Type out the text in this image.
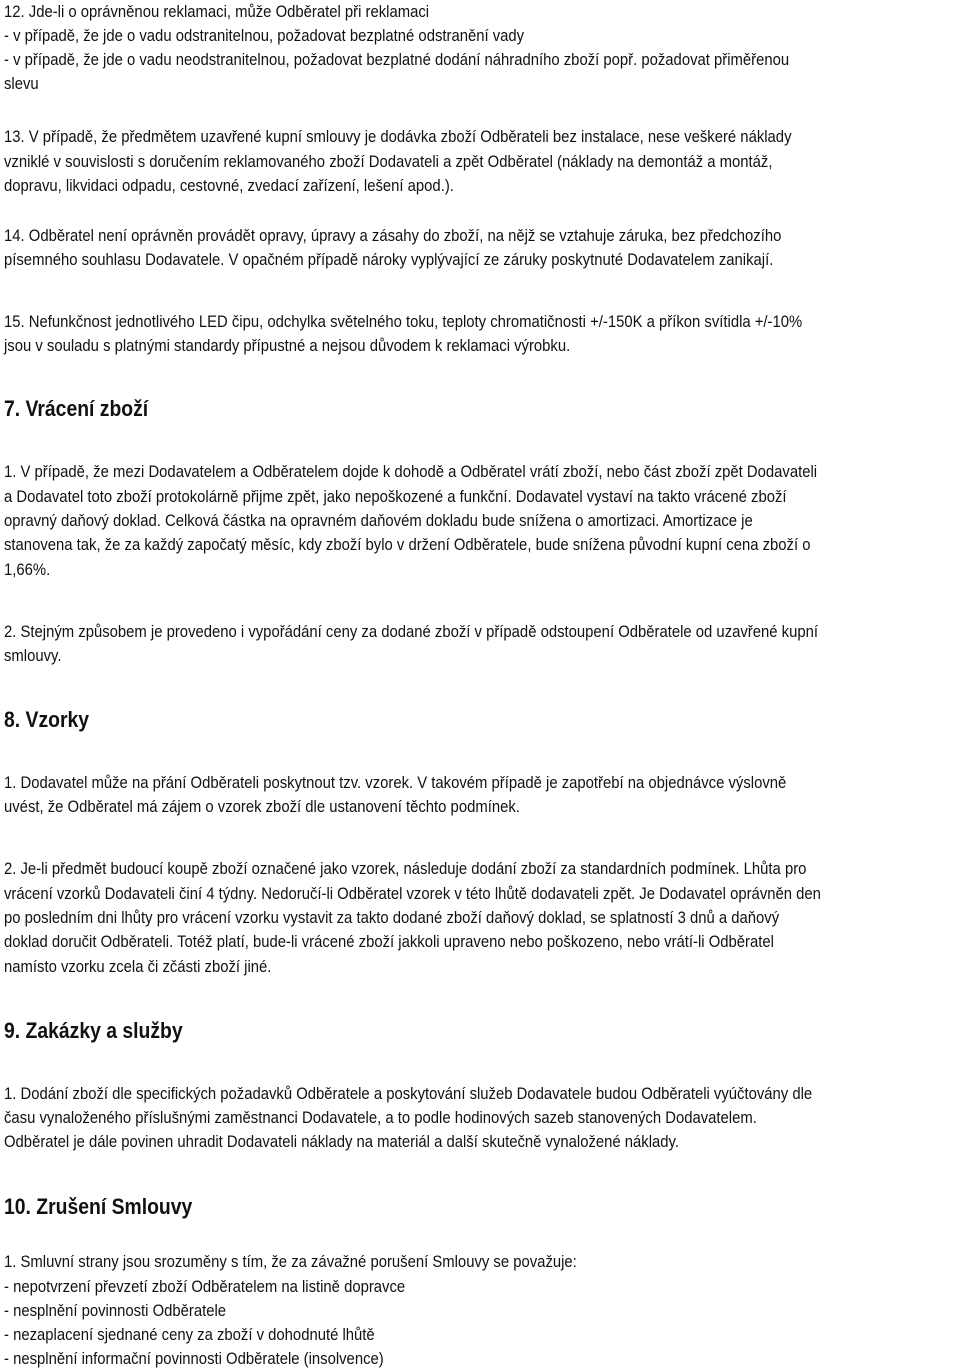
12. Jde-li o oprávněnou reklamaci, může Odběratel při reklamaci
- v případě, že jde o vadu odstranitelnou, požadovat bezplatné odstranění vady
- v případě, že jde o vadu neodstranitelnou, požadovat bezplatné dodání náhradního zboží popř. požadovat přiměřenou
slevu
13. V případě, že předmětem uzavřené kupní smlouvy je dodávka zboží Odběrateli bez instalace, nese veškeré náklady
vzniklé v souvislosti s doručením reklamovaného zboží Dodavateli a zpět Odběratel (náklady na demontáž a montáž,
dopravu, likvidaci odpadu, cestovné, zvedací zařízení, lešení apod.).
14. Odběratel není oprávněn provádět opravy, úpravy a zásahy do zboží, na nějž se vztahuje záruka, bez předchozího
písemného souhlasu Dodavatele. V opačném případě nároky vyplývající ze záruky poskytnuté Dodavatelem zanikají.
15. Nefunkčnost jednotlivého LED čipu, odchylka světelného toku, teploty chromatičnosti +/-150K a příkon svítidla +/-10%
jsou v souladu s platnými standardy přípustné a nejsou důvodem k reklamaci výrobku.
7. Vrácení zboží
1. V případě, že mezi Dodavatelem a Odběratelem dojde k dohodě a Odběratel vrátí zboží, nebo část zboží zpět Dodavateli
a Dodavatel toto zboží protokolárně přijme zpět, jako nepoškozené a funkční. Dodavatel vystaví na takto vrácené zboží
opravný daňový doklad. Celková částka na opravném daňovém dokladu bude snížena o amortizaci. Amortizace je
stanovena tak, že za každý započatý měsíc, kdy zboží bylo v držení Odběratele, bude snížena původní kupní cena zboží o
1,66%.
2. Stejným způsobem je provedeno i vypořádání ceny za dodané zboží v případě odstoupení Odběratele od uzavřené kupní
smlouvy.
8. Vzorky
1. Dodavatel může na přání Odběrateli poskytnout tzv. vzorek. V takovém případě je zapotřebí na objednávce výslovně
uvést, že Odběratel má zájem o vzorek zboží dle ustanovení těchto podmínek.
2. Je-li předmět budoucí koupě zboží označené jako vzorek, následuje dodání zboží za standardních podmínek. Lhůta pro
vrácení vzorků Dodavateli činí 4 týdny. Nedoručí-li Odběratel vzorek v této lhůtě dodavateli zpět. Je Dodavatel oprávněn den
po posledním dni lhůty pro vrácení vzorku vystavit za takto dodané zboží daňový doklad, se splatností 3 dnů a daňový
doklad doručit Odběrateli. Totéž platí, bude-li vrácené zboží jakkoli upraveno nebo poškozeno, nebo vrátí-li Odběratel
namísto vzorku zcela či zčásti zboží jiné.
9. Zakázky a služby
1. Dodání zboží dle specifických požadavků Odběratele a poskytování služeb Dodavatele budou Odběrateli vyúčtovány dle
času vynaloženého příslušnými zaměstnanci Dodavatele, a to podle hodinových sazeb stanovených Dodavatelem.
Odběratel je dále povinen uhradit Dodavateli náklady na materiál a další skutečně vynaložené náklady.
10. Zrušení Smlouvy
1. Smluvní strany jsou srozuměny s tím, že za závažné porušení Smlouvy se považuje:
- nepotvrzení převzetí zboží Odběratelem na listině dopravce
- nesplnění povinnosti Odběratele
- nezaplacení sjednané ceny za zboží v dohodnuté lhůtě
- nesplnění informační povinnosti Odběratele (insolvence)
